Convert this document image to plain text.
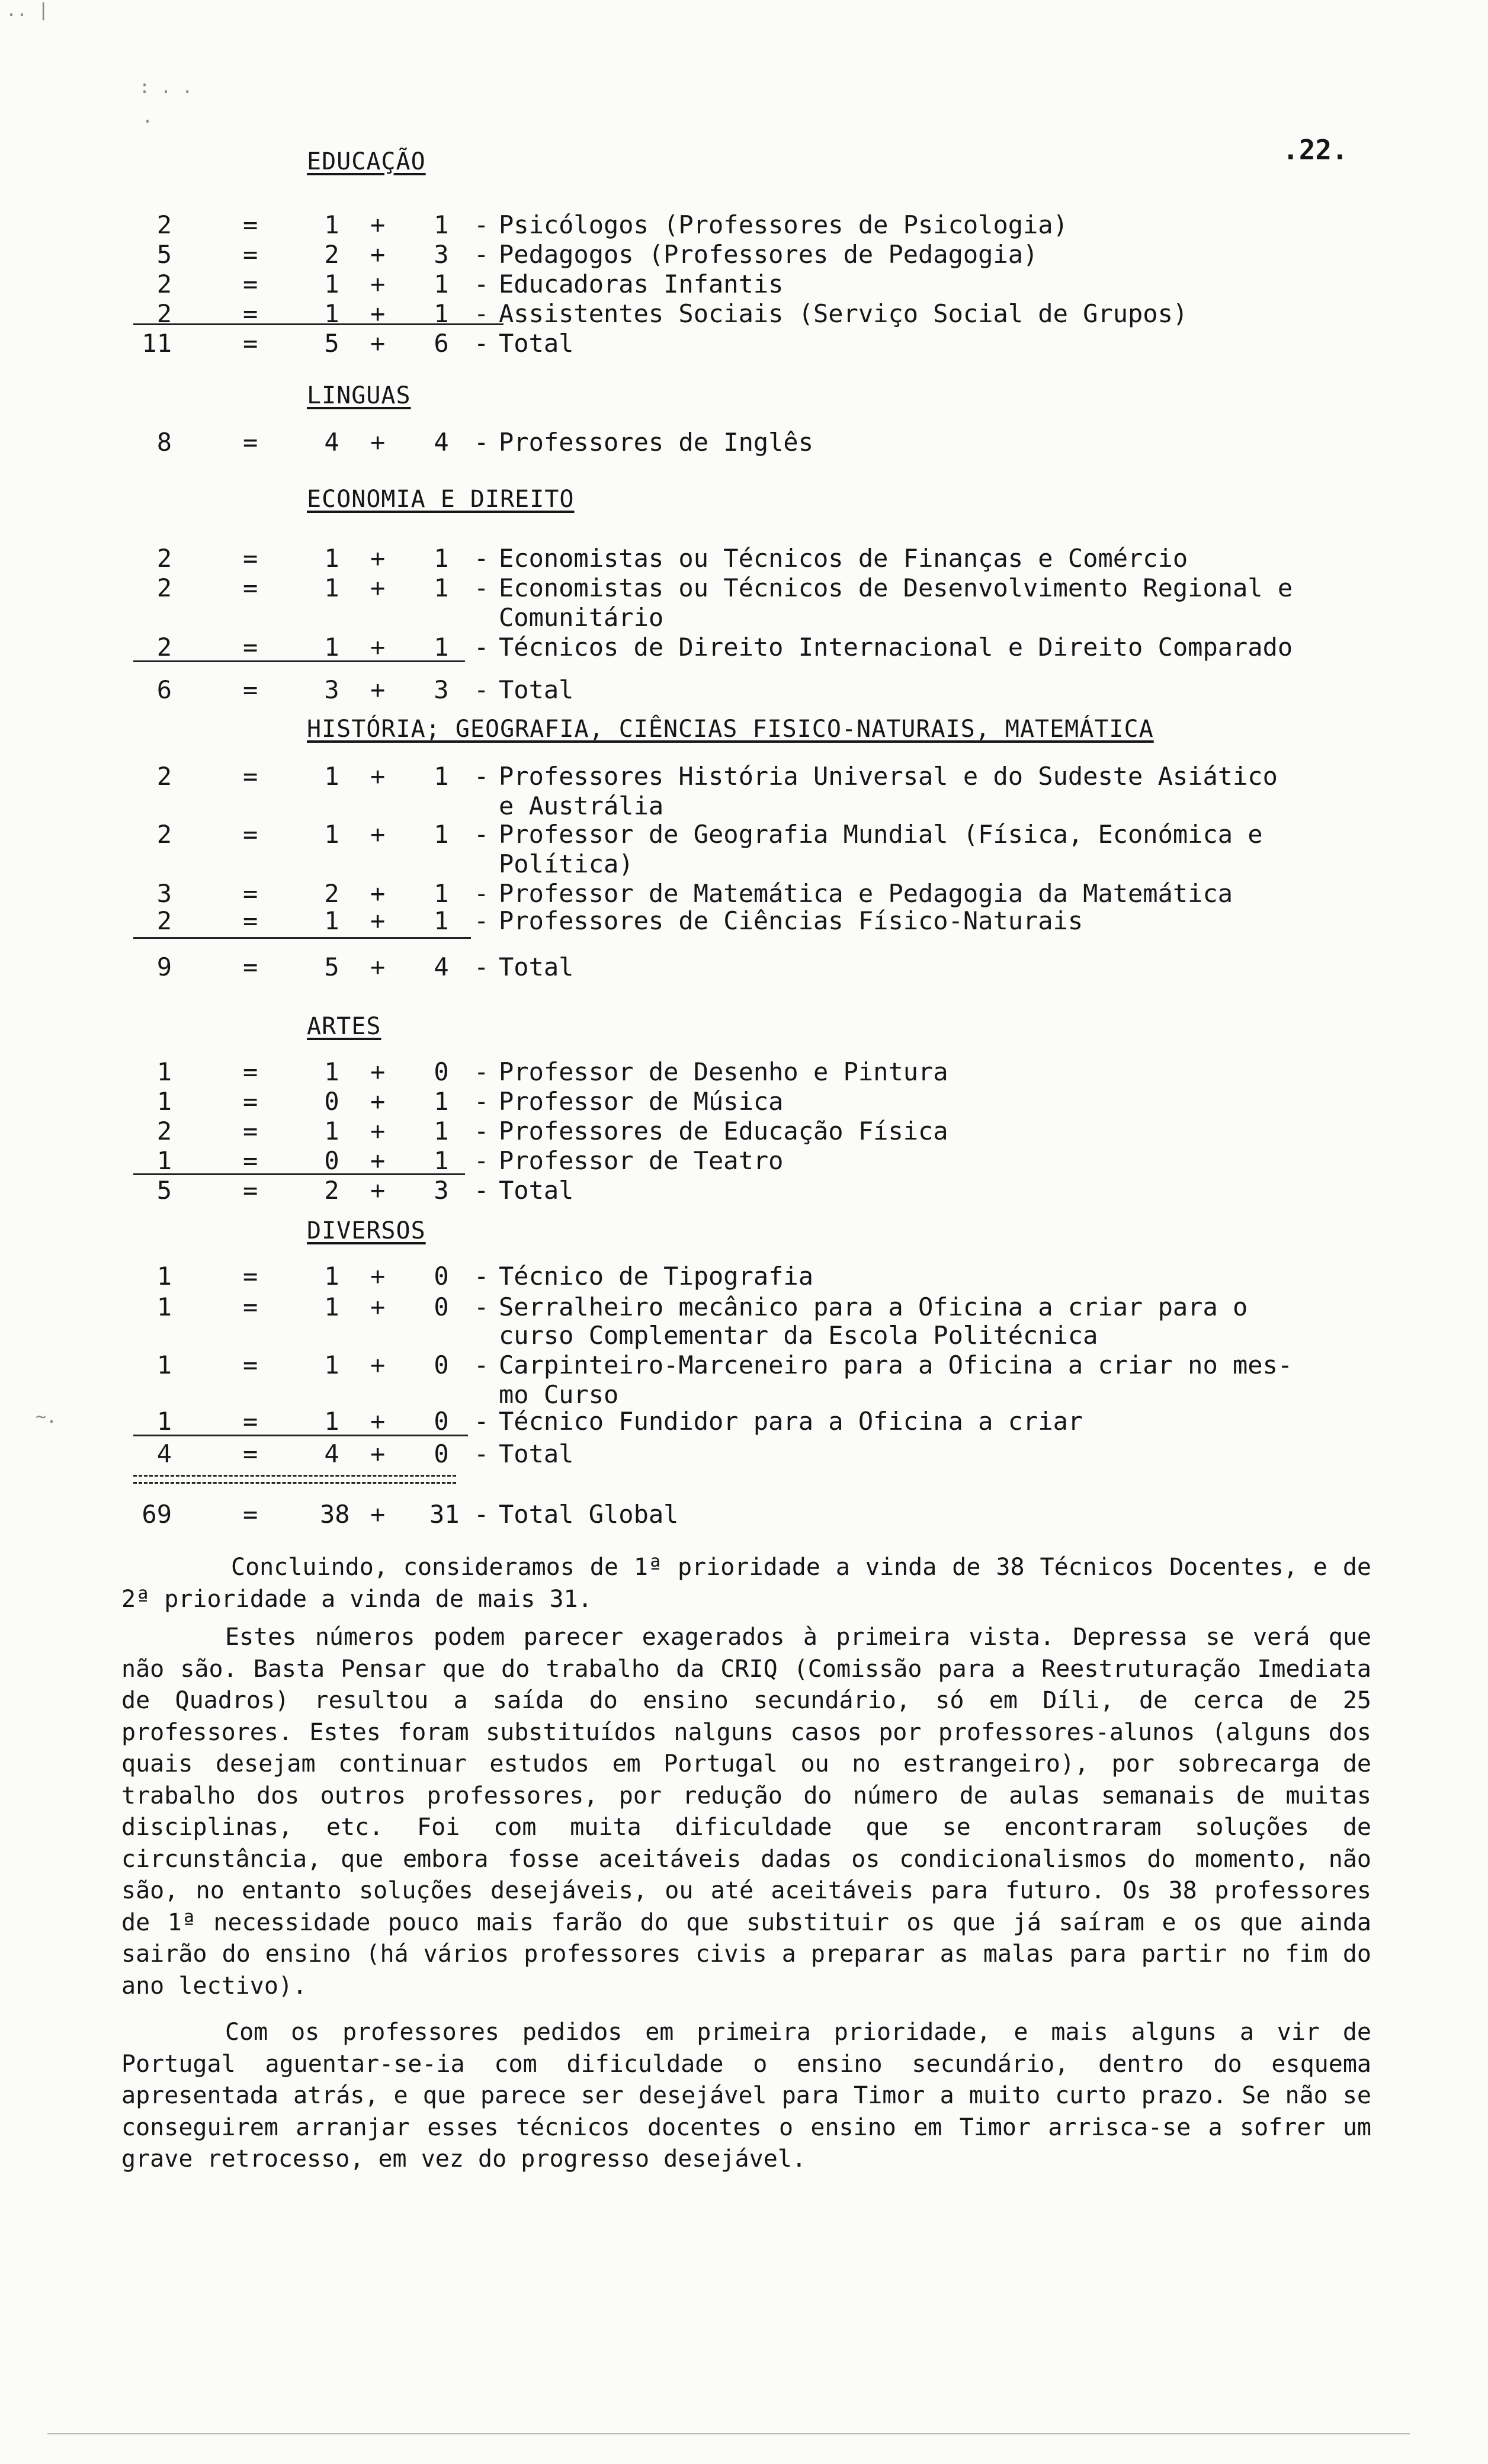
.. |
: . .
.
~.
.22.
EDUCAÇÃO
2	=	1 + 1 - Psicólogos (Professores de Psicologia)
5	=	2 + 3 - Pedagogos (Professores de Pedagogia)
2	=	1 + 1 - Educadoras Infantis
2	=	1 + 1 - Assistentes Sociais (Serviço Social de Grupos)
11	=	5 + 6 - Total
LINGUAS
8	=	4 + 4 - Professores de Inglês
ECONOMIA E DIREITO
2	=	1 + 1 - Economistas ou Técnicos de Finanças e Comércio
2	=	1 + 1 - Economistas ou Técnicos de Desenvolvimento Regional e
Comunitário
2	=	1 + 1 - Técnicos de Direito Internacional e Direito Comparado
6	=	3 + 3 - Total
HISTÓRIA; GEOGRAFIA, CIÊNCIAS FISICO-NATURAIS, MATEMÁTICA
2	=	1 + 1 - Professores História Universal e do Sudeste Asiático
e Austrália
2	=	1 + 1 - Professor de Geografia Mundial (Física, Económica e
Política)
3	=	2 + 1 - Professor de Matemática e Pedagogia da Matemática
2	=	1 + 1 - Professores de Ciências Físico-Naturais
9	=	5 + 4 - Total
ARTES
1	=	1 + 0 - Professor de Desenho e Pintura
1	=	0 + 1 - Professor de Música
2	=	1 + 1 - Professores de Educação Física
1	=	0 + 1 - Professor de Teatro
5	=	2 + 3 - Total
DIVERSOS
1	=	1 + 0 - Técnico de Tipografia
1	=	1 + 0 - Serralheiro mecânico para a Oficina a criar para o
curso Complementar da Escola Politécnica
1	=	1 + 0 - Carpinteiro-Marceneiro para a Oficina a criar no mes-
mo Curso
1	=	1 + 0 - Técnico Fundidor para a Oficina a criar
4	=	4 + 0 - Total
69	= 38 + 31 - Total Global
Concluindo, consideramos de 1ª prioridade a vinda de 38 Técnicos Docentes, e de 2ª prioridade a vinda de mais 31.
Estes números podem parecer exagerados à primeira vista. Depressa se verá que não são. Basta Pensar que do trabalho da CRIQ (Comissão para a Reestruturação Imediata de Quadros) resultou a saída do ensino secundário, só em Díli, de cerca de 25 professores. Estes foram substituídos nalguns casos por professores-alunos (alguns dos quais desejam continuar estudos em Portugal ou no estrangeiro), por sobrecarga de trabalho dos outros professores, por redução do número de aulas semanais de muitas disciplinas, etc. Foi com muita dificuldade que se encontraram soluções de circunstância, que embora fosse aceitáveis dadas os condicionalismos do momento, não são, no entanto soluções desejáveis, ou até aceitáveis para futuro. Os 38 professores de 1ª necessidade pouco mais farão do que substituir os que já saíram e os que ainda sairão do ensino (há vários professores civis a preparar as malas para partir no fim do ano lectivo).
Com os professores pedidos em primeira prioridade, e mais alguns a vir de Portugal aguentar-se-ia com dificuldade o ensino secundário, dentro do esquema apresentada atrás, e que parece ser desejável para Timor a muito curto prazo. Se não se conseguirem arranjar esses técnicos docentes o ensino em Timor arrisca-se a sofrer um grave retrocesso, em vez do progresso desejável.
